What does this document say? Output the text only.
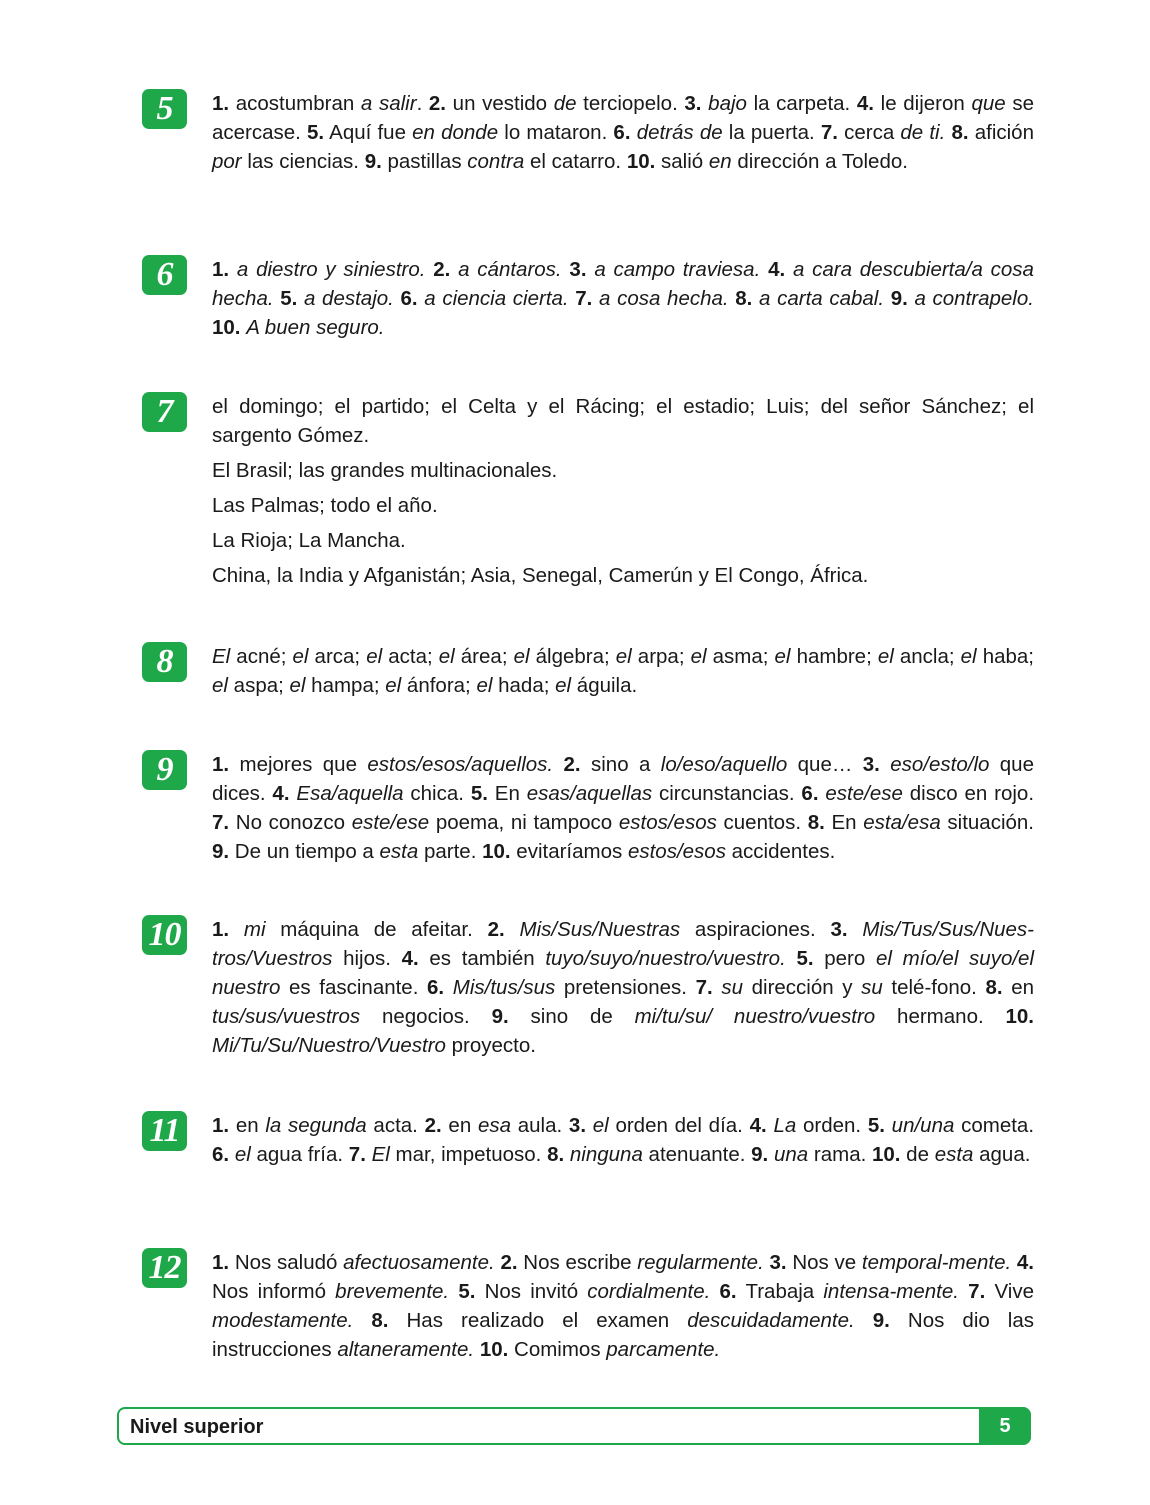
5	1. acostumbran a salir. 2. un vestido de terciopelo. 3. bajo la carpeta. 4. le dijeron que se acercase. 5. Aquí fue en donde lo mataron. 6. detrás de la puerta. 7. cerca de ti. 8. afición por las ciencias. 9. pastillas contra el catarro. 10. salió en dirección a Toledo.

6	1. a diestro y siniestro. 2. a cántaros. 3. a campo traviesa. 4. a cara descubierta/a cosa hecha. 5. a destajo. 6. a ciencia cierta. 7. a cosa hecha. 8. a carta cabal. 9. a contrapelo. 10. A buen seguro.

7	el domingo; el partido; el Celta y el Rácing; el estadio; Luis; del señor Sánchez; el sargento Gómez.
El Brasil; las grandes multinacionales.
Las Palmas; todo el año.
La Rioja; La Mancha.
China, la India y Afganistán; Asia, Senegal, Camerún y El Congo, África.
8	El acné; el arca; el acta; el área; el álgebra; el arpa; el asma; el hambre; el ancla; el haba; el aspa; el hampa; el ánfora; el hada; el águila.

9	1. mejores que estos/esos/aquellos. 2. sino a lo/eso/aquello que… 3. eso/esto/lo que dices. 4. Esa/aquella chica. 5. En esas/aquellas circunstancias. 6. este/ese disco en rojo. 7. No conozco este/ese poema, ni tampoco estos/esos cuentos. 8. En esta/esa situación. 9. De un tiempo a esta parte. 10. evitaríamos estos/esos accidentes.

10	1. mi máquina de afeitar. 2. Mis/Sus/Nuestras aspiraciones. 3. Mis/Tus/Sus/Nues-tros/Vuestros hijos. 4. es también tuyo/suyo/nuestro/vuestro. 5. pero el mío/el suyo/el nuestro es fascinante. 6. Mis/tus/sus pretensiones. 7. su dirección y su telé-fono. 8. en tus/sus/vuestros negocios. 9. sino de mi/tu/su/ nuestro/vuestro hermano. 10. Mi/Tu/Su/Nuestro/Vuestro proyecto.

11	1. en la segunda acta. 2. en esa aula. 3. el orden del día. 4. La orden. 5. un/una cometa. 6. el agua fría. 7. El mar, impetuoso. 8. ninguna atenuante. 9. una rama. 10. de esta agua.

12	1. Nos saludó afectuosamente. 2. Nos escribe regularmente. 3. Nos ve temporal-mente. 4. Nos informó brevemente. 5. Nos invitó cordialmente. 6. Trabaja intensa-mente. 7. Vive modestamente. 8. Has realizado el examen descuidadamente. 9. Nos dio las instrucciones altaneramente. 10. Comimos parcamente.

Nivel superior	5
